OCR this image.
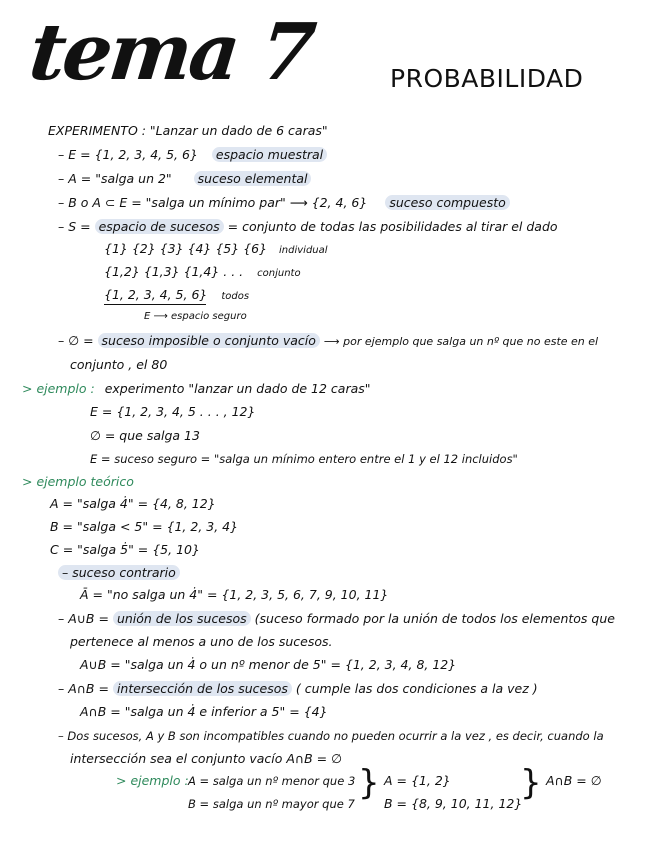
tema 7	PROBABILIDAD
EXPERIMENTO : "Lanzar un dado de 6 caras"
– E = {1, 2, 3, 4, 5, 6} espacio muestral
– A = "salga un 2" suceso elemental
– B o A ⊂ E = "salga un mínimo par" ⟶ {2, 4, 6} suceso compuesto
– S = espacio de sucesos = conjunto de todas las posibilidades al tirar el dado
{1} {2} {3} {4} {5} {6} individual
{1,2} {1,3} {1,4} . . . conjunto
{1, 2, 3, 4, 5, 6} todos
E ⟶ espacio seguro
– ∅ = suceso imposible o conjunto vacío ⟶ por ejemplo que salga un nº que no este en el
conjunto , el 80
> ejemplo : experimento "lanzar un dado de 12 caras"
E = {1, 2, 3, 4, 5 . . . , 12}
∅ = que salga 13
E = suceso seguro = "salga un mínimo entero entre el 1 y el 12 incluidos"
> ejemplo teórico
A = "salga 4̇" = {4, 8, 12}
B = "salga < 5" = {1, 2, 3, 4}
C = "salga 5̇" = {5, 10}
– suceso contrario
Ā = "no salga un 4̇" = {1, 2, 3, 5, 6, 7, 9, 10, 11}
– A∪B = unión de los sucesos (suceso formado por la unión de todos los elementos que
pertenece al menos a uno de los sucesos.
A∪B = "salga un 4̇ o un nº menor de 5" = {1, 2, 3, 4, 8, 12}
– A∩B = intersección de los sucesos ( cumple las dos condiciones a la vez )
A∩B = "salga un 4̇ e inferior a 5" = {4}
– Dos sucesos, A y B son incompatibles cuando no pueden ocurrir a la vez , es decir, cuando la
intersección sea el conjunto vacío A∩B = ∅
> ejemplo : A = salga un nº menor que 3
B = salga un nº mayor que 7
} A = {1, 2}
B = {8, 9, 10, 11, 12}
} A∩B = ∅
